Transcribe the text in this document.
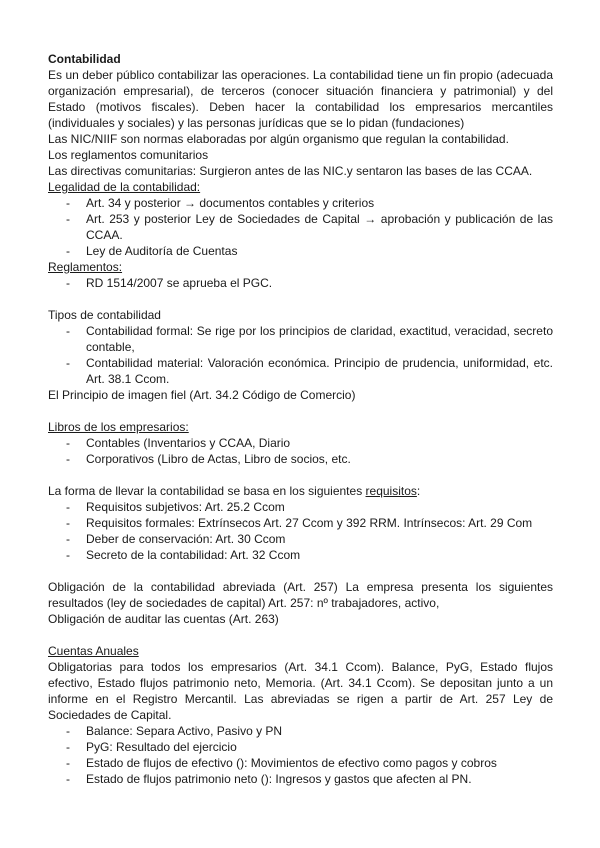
Contabilidad

Es un deber público contabilizar las operaciones. La contabilidad tiene un fin propio (adecuada organización empresarial), de terceros (conocer situación financiera y patrimonial) y del Estado (motivos fiscales). Deben hacer la contabilidad los empresarios mercantiles (individuales y sociales) y las personas jurídicas que se lo pidan (fundaciones)

Las NIC/NIIF son normas elaboradas por algún organismo que regulan la contabilidad.

Los reglamentos comunitarios

Las directivas comunitarias: Surgieron antes de las NIC.y sentaron las bases de las CCAA.

Legalidad de la contabilidad:

- Art. 34 y posterior → documentos contables y criterios
- Art. 253 y posterior Ley de Sociedades de Capital → aprobación y publicación de las CCAA.
- Ley de Auditoría de Cuentas

Reglamentos:

- RD 1514/2007 se aprueba el PGC.

Tipos de contabilidad

- Contabilidad formal: Se rige por los principios de claridad, exactitud, veracidad, secreto contable,
- Contabilidad material: Valoración económica. Principio de prudencia, uniformidad, etc. Art. 38.1 Ccom.

El Principio de imagen fiel (Art. 34.2 Código de Comercio)

Libros de los empresarios:

- Contables (Inventarios y CCAA, Diario
- Corporativos (Libro de Actas, Libro de socios, etc.

La forma de llevar la contabilidad se basa en los siguientes requisitos:

- Requisitos subjetivos: Art. 25.2 Ccom
- Requisitos formales: Extrínsecos Art. 27 Ccom y 392 RRM. Intrínsecos: Art. 29 Com
- Deber de conservación: Art. 30 Ccom
- Secreto de la contabilidad: Art. 32 Ccom

Obligación de la contabilidad abreviada (Art. 257) La empresa presenta los siguientes resultados (ley de sociedades de capital) Art. 257: nº trabajadores, activo,

Obligación de auditar las cuentas (Art. 263)

Cuentas Anuales

Obligatorias para todos los empresarios (Art. 34.1 Ccom). Balance, PyG, Estado flujos efectivo, Estado flujos patrimonio neto, Memoria. (Art. 34.1 Ccom). Se depositan junto a un informe en el Registro Mercantil. Las abreviadas se rigen a partir de Art. 257 Ley de Sociedades de Capital.

- Balance: Separa Activo, Pasivo y PN
- PyG: Resultado del ejercicio
- Estado de flujos de efectivo (): Movimientos de efectivo como pagos y cobros
- Estado de flujos patrimonio neto (): Ingresos y gastos que afecten al PN.
